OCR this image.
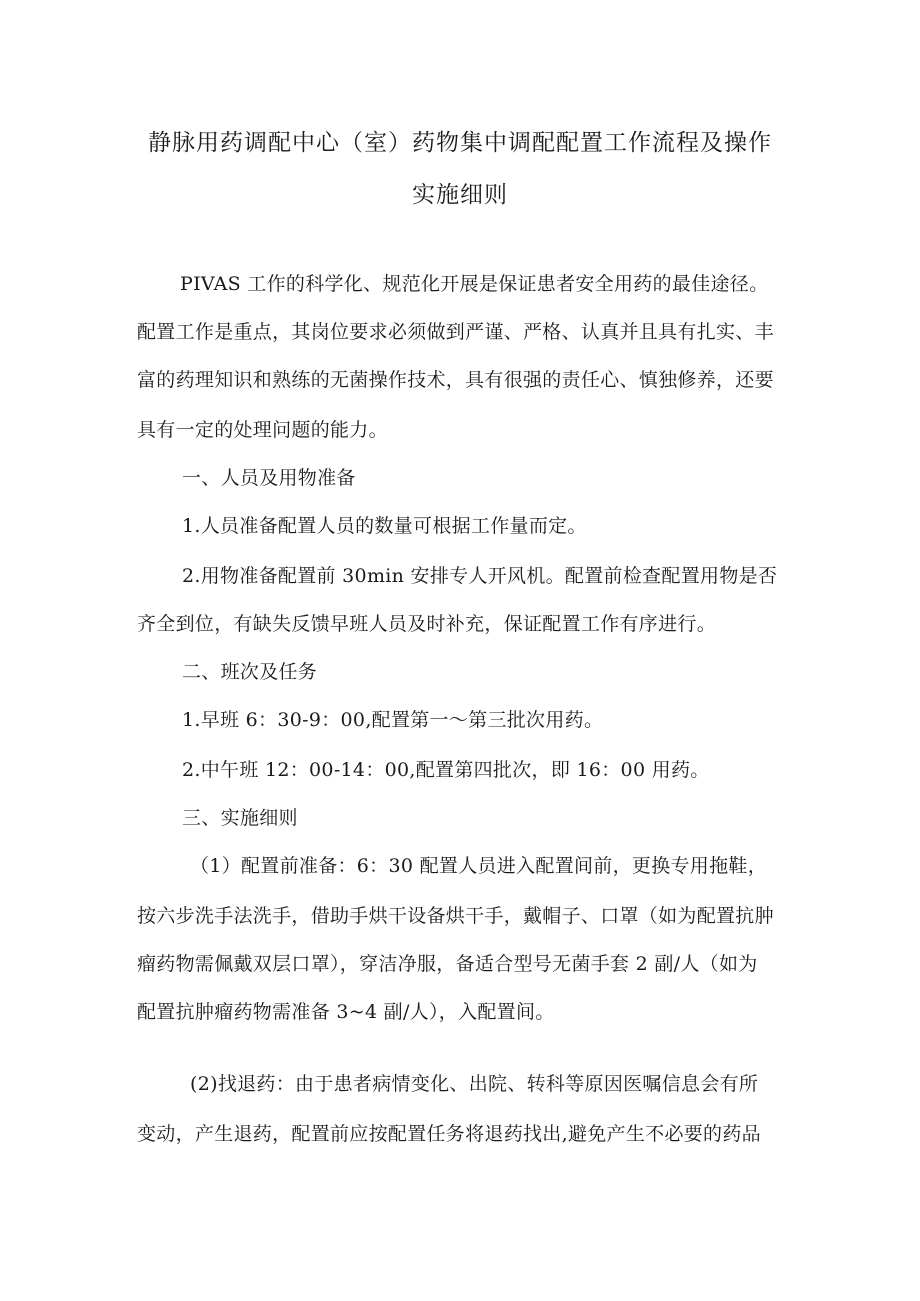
静脉用药调配中心（室）药物集中调配配置工作流程及操作
实施细则
PIVAS 工作的科学化、规范化开展是保证患者安全用药的最佳途径。
配置工作是重点，其岗位要求必须做到严谨、严格、认真并且具有扎实、丰
富的药理知识和熟练的无菌操作技术，具有很强的责任心、慎独修养，还要
具有一定的处理问题的能力。
一、人员及用物准备
1.人员准备配置人员的数量可根据工作量而定。
2.用物准备配置前 30min 安排专人开风机。配置前检查配置用物是否
齐全到位，有缺失反馈早班人员及时补充，保证配置工作有序进行。
二、班次及任务
1.早班 6：30-9：00,配置第一～第三批次用药。
2.中午班 12：00-14：00,配置第四批次，即 16：00 用药。
三、实施细则
（1）配置前准备：6：30 配置人员进入配置间前，更换专用拖鞋，
按六步洗手法洗手，借助手烘干设备烘干手，戴帽子、口罩（如为配置抗肿
瘤药物需佩戴双层口罩），穿洁净服，备适合型号无菌手套 2 副/人（如为
配置抗肿瘤药物需准备 3~4 副/人），入配置间。
(2)找退药：由于患者病情变化、出院、转科等原因医嘱信息会有所
变动，产生退药，配置前应按配置任务将退药找出,避免产生不必要的药品
